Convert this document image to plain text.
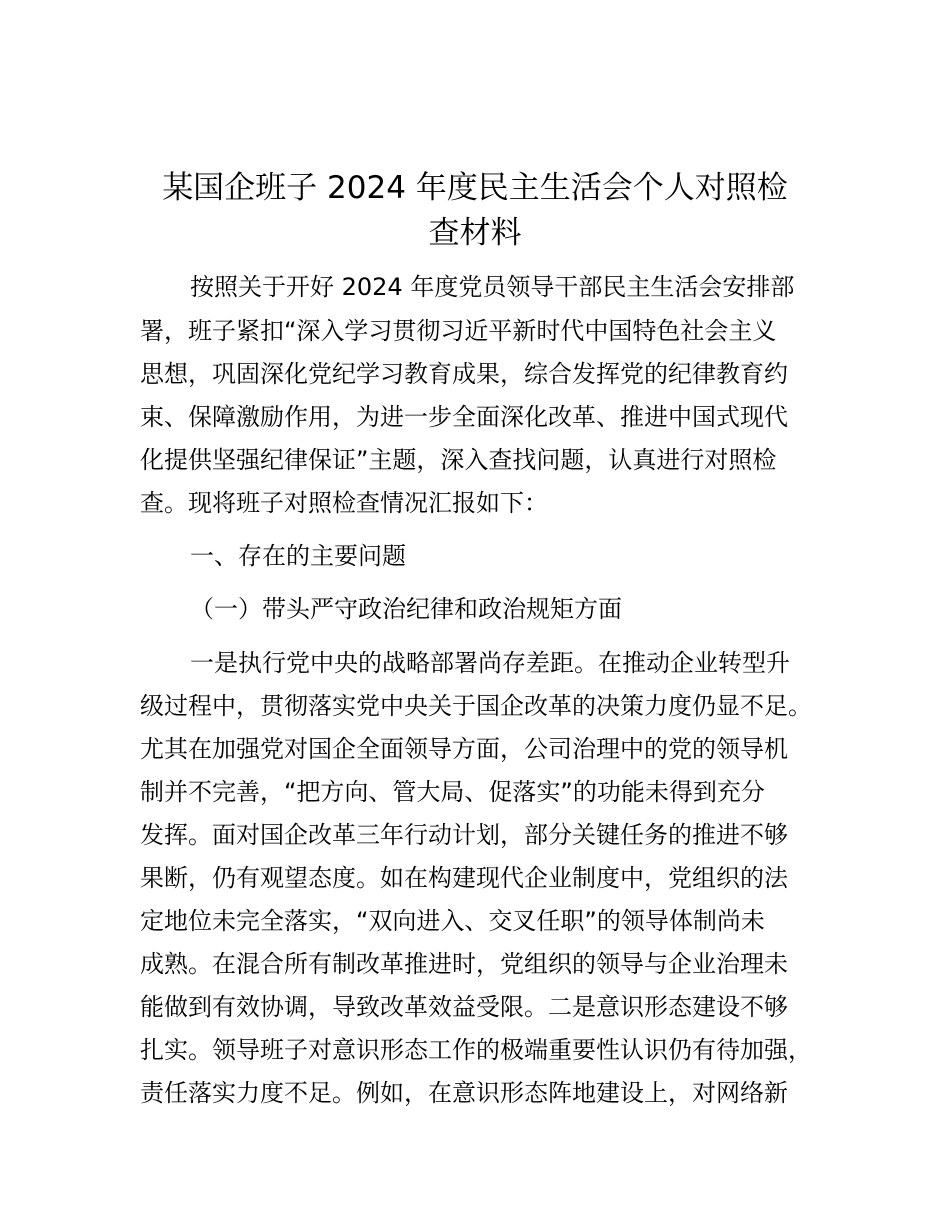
某国企班子 2024 年度民主生活会个人对照检
查材料

按照关于开好 2024 年度党员领导干部民主生活会安排部

署，班子紧扣“深入学习贯彻习近平新时代中国特色社会主义

思想，巩固深化党纪学习教育成果，综合发挥党的纪律教育约

束、保障激励作用，为进一步全面深化改革、推进中国式现代

化提供坚强纪律保证”主题，深入查找问题，认真进行对照检

查。现将班子对照检查情况汇报如下：

一、存在的主要问题

（一）带头严守政治纪律和政治规矩方面

一是执行党中央的战略部署尚存差距。在推动企业转型升

级过程中，贯彻落实党中央关于国企改革的决策力度仍显不足。

尤其在加强党对国企全面领导方面，公司治理中的党的领导机

制并不完善，“把方向、管大局、促落实”的功能未得到充分

发挥。面对国企改革三年行动计划，部分关键任务的推进不够

果断，仍有观望态度。如在构建现代企业制度中，党组织的法

定地位未完全落实，“双向进入、交叉任职”的领导体制尚未

成熟。在混合所有制改革推进时，党组织的领导与企业治理未

能做到有效协调，导致改革效益受限。二是意识形态建设不够

扎实。领导班子对意识形态工作的极端重要性认识仍有待加强，

责任落实力度不足。例如，在意识形态阵地建设上，对网络新
